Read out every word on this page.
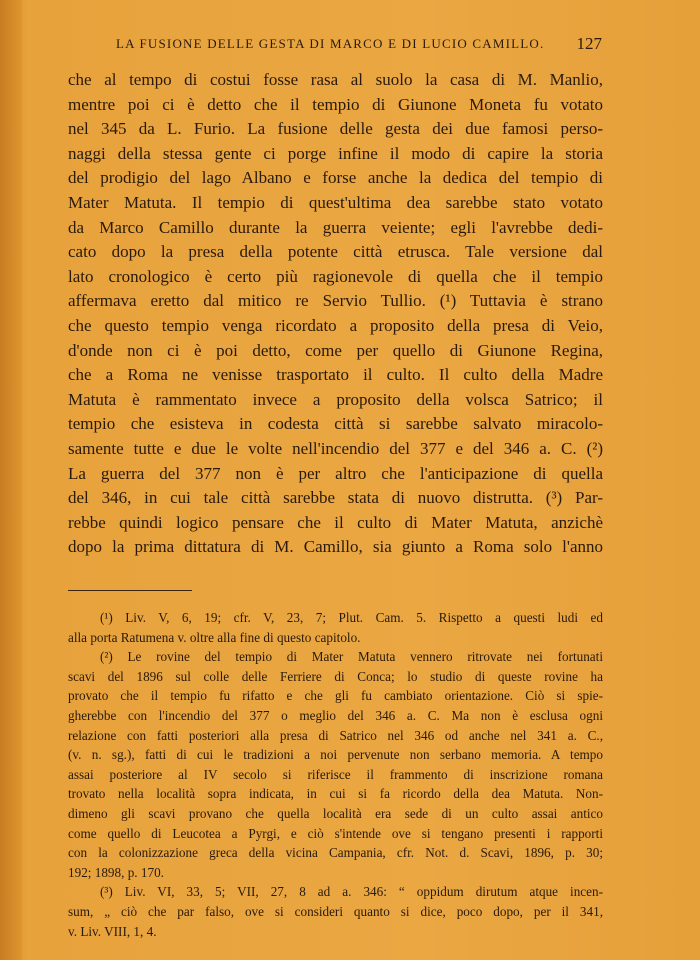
LA FUSIONE DELLE GESTA DI MARCO E DI LUCIO CAMILLO.	127
che al tempo di costui fosse rasa al suolo la casa di M. Manlio,
mentre poi ci è detto che il tempio di Giunone Moneta fu votato
nel 345 da L. Furio. La fusione delle gesta dei due famosi perso-
naggi della stessa gente ci porge infine il modo di capire la storia
del prodigio del lago Albano e forse anche la dedica del tempio di
Mater Matuta. Il tempio di quest'ultima dea sarebbe stato votato
da Marco Camillo durante la guerra veiente; egli l'avrebbe dedi-
cato dopo la presa della potente città etrusca. Tale versione dal
lato cronologico è certo più ragionevole di quella che il tempio
affermava eretto dal mitico re Servio Tullio. (¹) Tuttavia è strano
che questo tempio venga ricordato a proposito della presa di Veio,
d'onde non ci è poi detto, come per quello di Giunone Regina,
che a Roma ne venisse trasportato il culto. Il culto della Madre
Matuta è rammentato invece a proposito della volsca Satrico; il
tempio che esisteva in codesta città si sarebbe salvato miracolo-
samente tutte e due le volte nell'incendio del 377 e del 346 a. C. (²)
La guerra del 377 non è per altro che l'anticipazione di quella
del 346, in cui tale città sarebbe stata di nuovo distrutta. (³) Par-
rebbe quindi logico pensare che il culto di Mater Matuta, anzichè
dopo la prima dittatura di M. Camillo, sia giunto a Roma solo l'anno
(¹) Liv. V, 6, 19; cfr. V, 23, 7; Plut. Cam. 5. Rispetto a questi ludi ed
alla porta Ratumena v. oltre alla fine di questo capitolo.
(²) Le rovine del tempio di Mater Matuta vennero ritrovate nei fortunati
scavi del 1896 sul colle delle Ferriere di Conca; lo studio di queste rovine ha
provato che il tempio fu rifatto e che gli fu cambiato orientazione. Ciò si spie-
gherebbe con l'incendio del 377 o meglio del 346 a. C. Ma non è esclusa ogni
relazione con fatti posteriori alla presa di Satrico nel 346 od anche nel 341 a. C.,
(v. n. sg.), fatti di cui le tradizioni a noi pervenute non serbano memoria. A tempo
assai posteriore al IV secolo si riferisce il frammento di inscrizione romana
trovato nella località sopra indicata, in cui si fa ricordo della dea Matuta. Non-
dimeno gli scavi provano che quella località era sede di un culto assai antico
come quello di Leucotea a Pyrgi, e ciò s'intende ove si tengano presenti i rapporti
con la colonizzazione greca della vicina Campania, cfr. Not. d. Scavi, 1896, p. 30;
192; 1898, p. 170.
(³) Liv. VI, 33, 5; VII, 27, 8 ad a. 346: “ oppidum dirutum atque incen-
sum, „ ciò che par falso, ove si consideri quanto si dice, poco dopo, per il 341,
v. Liv. VIII, 1, 4.
